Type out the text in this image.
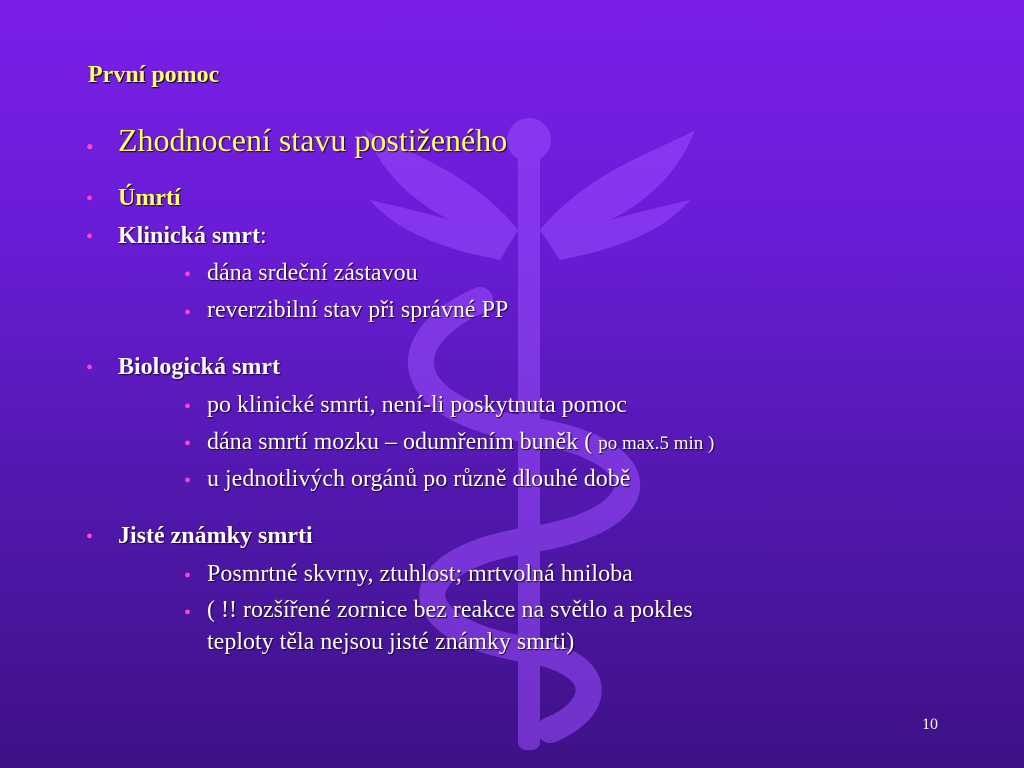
První pomoc
• Zhodnocení stavu postiženého
• Úmrtí
• Klinická smrt:
• dána srdeční zástavou
• reverzibilní stav při správné PP
• Biologická smrt
• po klinické smrti, není-li poskytnuta pomoc
• dána smrtí mozku – odumřením buněk ( po max.5 min )
• u jednotlivých orgánů po různě dlouhé době
• Jisté známky smrti
• Posmrtné skvrny, ztuhlost; mrtvolná hniloba
• ( !! rozšířené zornice bez reakce na světlo a pokles
teploty těla nejsou jisté známky smrti)
10
